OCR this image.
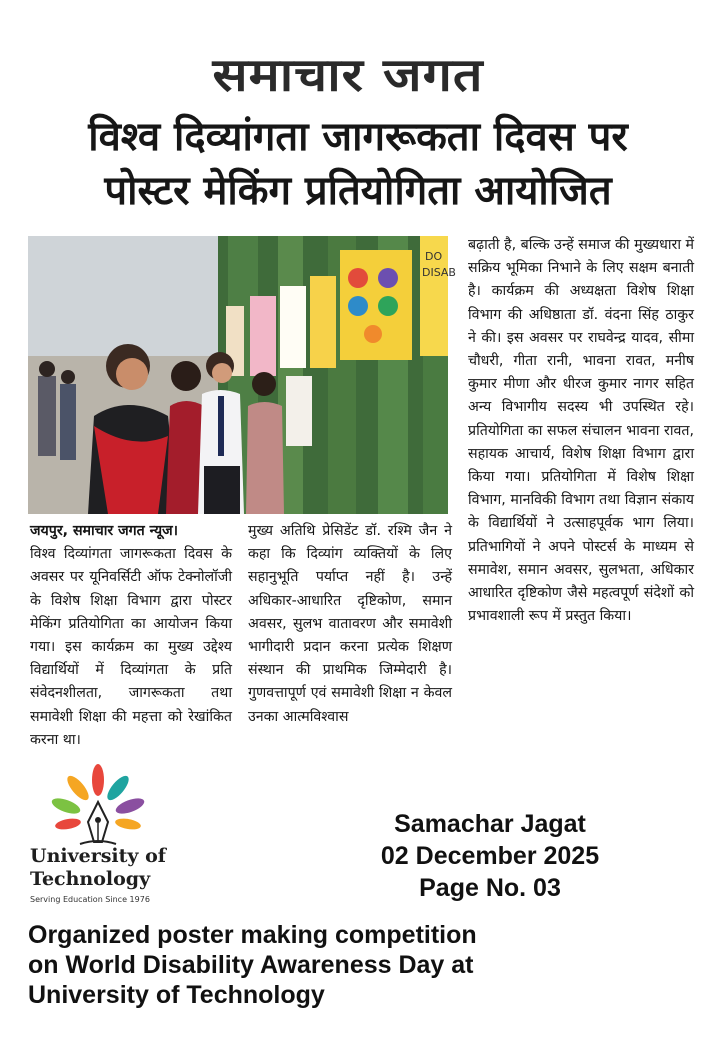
समाचार जगत
विश्व दिव्यांगता जागरूकता दिवस पर
पोस्टर मेकिंग प्रतियोगिता आयोजित
DO
DISAB
जयपुर, समाचार जगत न्यूज।
विश्व दिव्यांगता जागरूकता दिवस के अवसर पर यूनिवर्सिटी ऑफ टेक्नोलॉजी के विशेष शिक्षा विभाग द्वारा पोस्टर मेकिंग प्रतियोगिता का आयोजन किया गया। इस कार्यक्रम का मुख्य उद्देश्य विद्यार्थियों में दिव्यांगता के प्रति संवेदनशीलता, जागरूकता तथा समावेशी शिक्षा की महत्ता को रेखांकित करना था।
मुख्य अतिथि प्रेसिडेंट डॉ. रश्मि जैन ने कहा कि दिव्यांग व्यक्तियों के लिए सहानुभूति पर्याप्त नहीं है। उन्हें अधिकार-आधारित दृष्टिकोण, समान अवसर, सुलभ वातावरण और समावेशी भागीदारी प्रदान करना प्रत्येक शिक्षण संस्थान की प्राथमिक जिम्मेदारी है। गुणवत्तापूर्ण एवं समावेशी शिक्षा न केवल उनका आत्मविश्वास
बढ़ाती है, बल्कि उन्हें समाज की मुख्यधारा में सक्रिय भूमिका निभाने के लिए सक्षम बनाती है। कार्यक्रम की अध्यक्षता विशेष शिक्षा विभाग की अधिष्ठाता डॉ. वंदना सिंह ठाकुर ने की। इस अवसर पर राघवेन्द्र यादव, सीमा चौधरी, गीता रानी, भावना रावत, मनीष कुमार मीणा और धीरज कुमार नागर सहित अन्य विभागीय सदस्य भी उपस्थित रहे। प्रतियोगिता का सफल संचालन भावना रावत, सहायक आचार्य, विशेष शिक्षा विभाग द्वारा किया गया। प्रतियोगिता में विशेष शिक्षा विभाग, मानविकी विभाग तथा विज्ञान संकाय के विद्यार्थियों ने उत्साहपूर्वक भाग लिया। प्रतिभागियों ने अपने पोस्टर्स के माध्यम से समावेश, समान अवसर, सुलभता, अधिकार आधारित दृष्टिकोण जैसे महत्वपूर्ण संदेशों को प्रभावशाली रूप में प्रस्तुत किया।
University of
Technology
Serving Education Since 1976
Samachar Jagat
02 December 2025
Page No. 03
Organized poster making competition
on World Disability Awareness Day at
University of Technology
